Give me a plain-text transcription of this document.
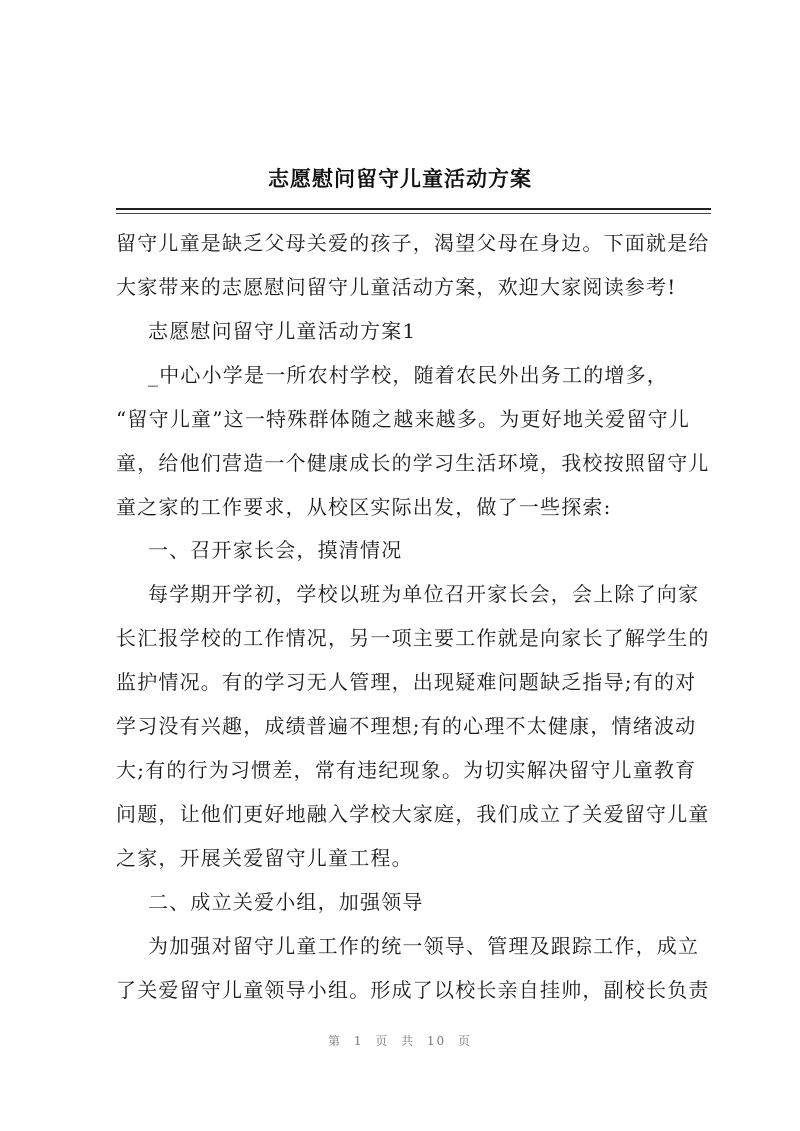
志愿慰问留守儿童活动方案
留守儿童是缺乏父母关爱的孩子，渴望父母在身边。下面就是给
大家带来的志愿慰问留守儿童活动方案，欢迎大家阅读参考!
志愿慰问留守儿童活动方案1
_中心小学是一所农村学校，随着农民外出务工的增多，
“留守儿童”这一特殊群体随之越来越多。为更好地关爱留守儿
童，给他们营造一个健康成长的学习生活环境，我校按照留守儿
童之家的工作要求，从校区实际出发，做了一些探索:
一、召开家长会，摸清情况
每学期开学初，学校以班为单位召开家长会，会上除了向家
长汇报学校的工作情况，另一项主要工作就是向家长了解学生的
监护情况。有的学习无人管理，出现疑难问题缺乏指导;有的对
学习没有兴趣，成绩普遍不理想;有的心理不太健康，情绪波动
大;有的行为习惯差，常有违纪现象。为切实解决留守儿童教育
问题，让他们更好地融入学校大家庭，我们成立了关爱留守儿童
之家，开展关爱留守儿童工程。
二、成立关爱小组，加强领导
为加强对留守儿童工作的统一领导、管理及跟踪工作，成立
了关爱留守儿童领导小组。形成了以校长亲自挂帅，副校长负责
第 1 页 共 10 页
